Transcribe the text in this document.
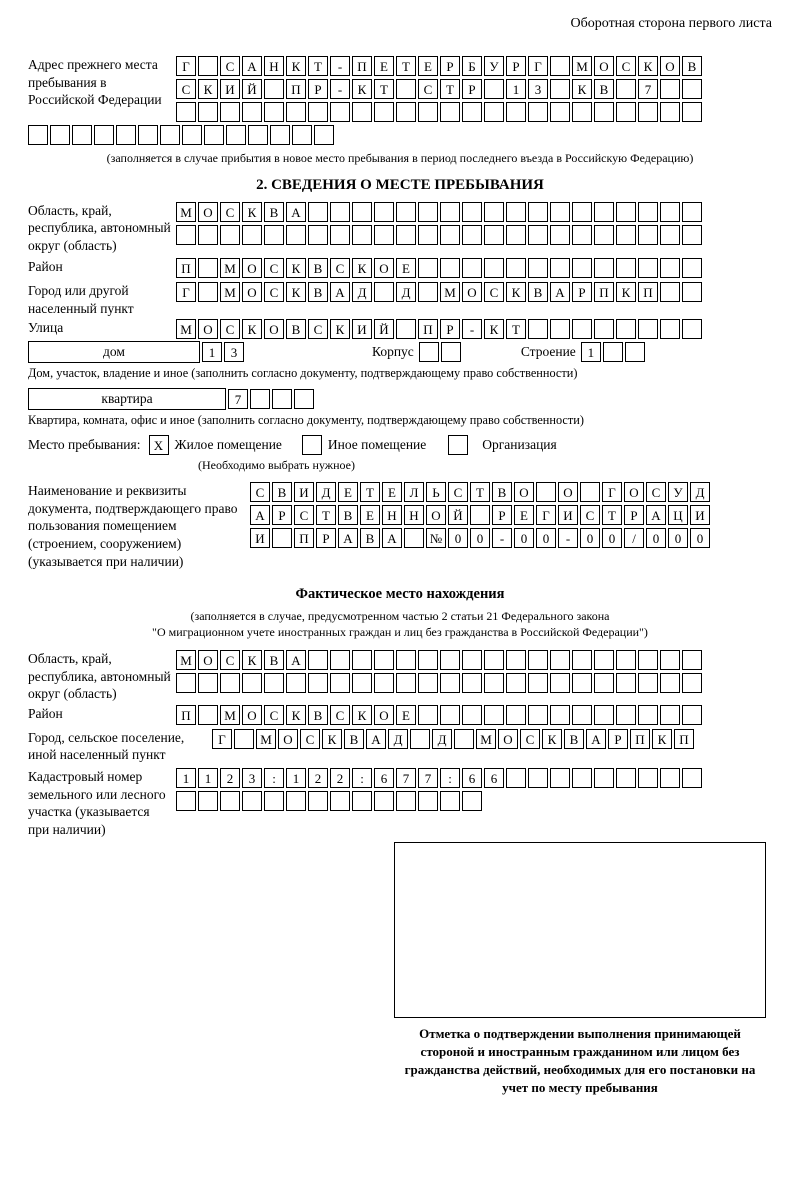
Оборотная сторона первого листа
Адрес прежнего места пребывания в Российской Федерации
Г	С А Н К	Т	-	П	Е	Т	Е	Р	Б	У	Р	Г	М О С	К О В
С	К И Й	П	Р	-	К	Т	С	Т	Р	1	3	К	В	7
(заполняется в случае прибытия в новое место пребывания в период последнего въезда в Российскую Федерацию)
2. СВЕДЕНИЯ О МЕСТЕ ПРЕБЫВАНИЯ
Область, край, республика, автономный округ (область)
М О С	К	В А
Район	П	М О С	К	В	С	К О	Е
Город или другой населенный пункт
Г	М О С	К	В А Д	Д	М О С	К	В А	Р	П К П
Улица	М О С	К О В	С	К И Й	П	Р	-	К	Т
дом	1	3	Корпус	Строение 1
Дом, участок, владение и иное (заполнить согласно документу, подтверждающему право собственности)
квартира	7
Квартира, комната, офис и иное (заполнить согласно документу, подтверждающему право собственности)
Место пребывания:	X Жилое помещение	Иное помещение	Организация
(Необходимо выбрать нужное)
Наименование и реквизиты документа, подтверждающего право пользования помещением (строением, сооружением) (указывается при наличии)
С	В И Д	Е	Т	Е	Л	Ь	С	Т	В О	О	Г	О С	У Д
А	Р	С	Т	В	Е	Н Н О Й	Р	Е	Г	И С	Т	Р	А Ц И
И	П	Р	А В А	№ 0	0	-	0	0	-	0	0	/	0	0	0
Фактическое место нахождения
(заполняется в случае, предусмотренном частью 2 статьи 21 Федерального закона
"О миграционном учете иностранных граждан и лиц без гражданства в Российской Федерации")
Область, край, республика, автономный округ (область)
М О С	К	В А
Район	П	М О С	К	В	С	К О	Е
Город, сельское поселение, иной населенный пункт
Г	М О С	К	В А Д	Д	М О С	К	В А	Р	П К П
Кадастровый номер земельного или лесного участка (указывается при наличии)
1	1	2	3	:	1	2	2	:	6	7	7	:	6	6
Отметка о подтверждении выполнения принимающей стороной и иностранным гражданином или лицом без гражданства действий, необходимых для его постановки на учет по месту пребывания
